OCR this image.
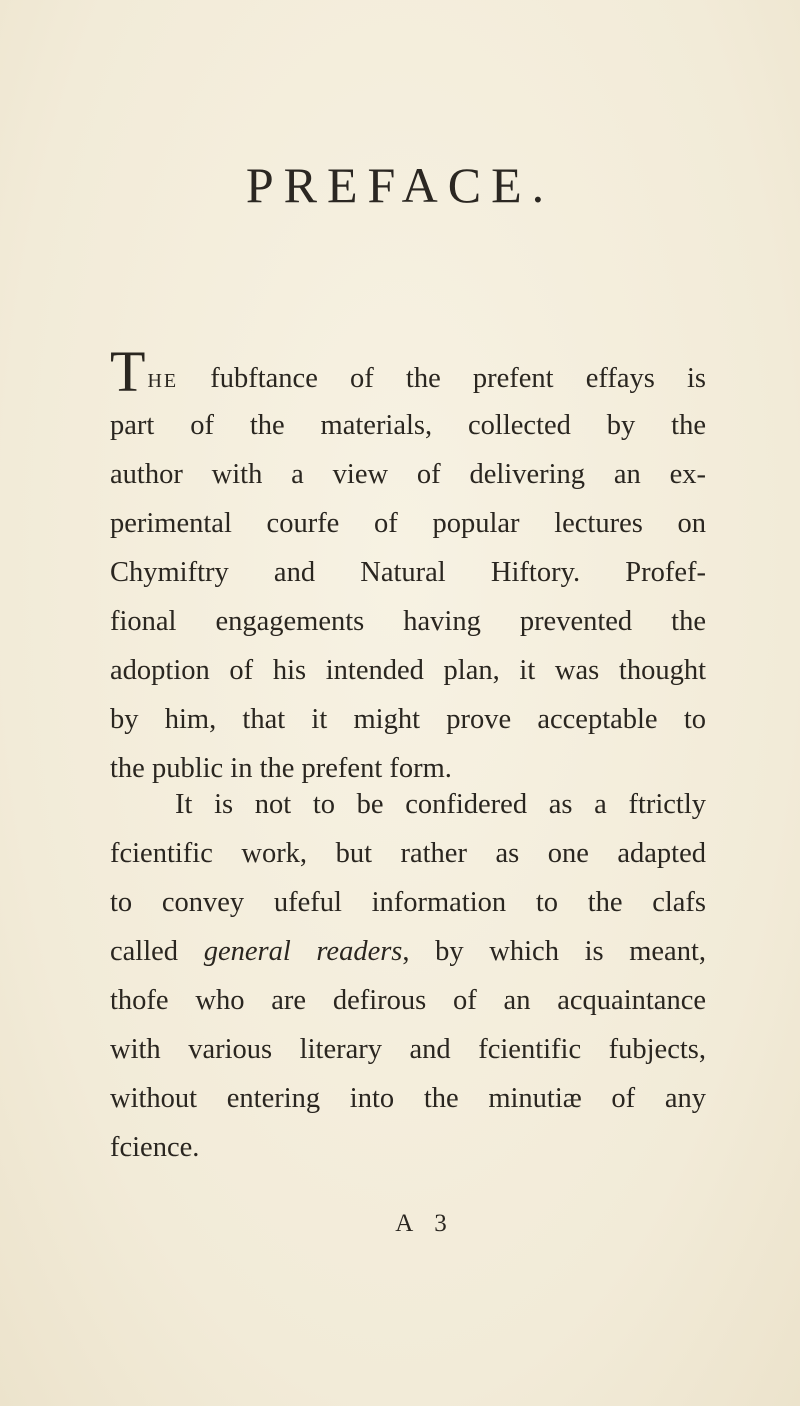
PREFACE.
The fubftance of the prefent effays is
part of the materials, collected by the
author with a view of delivering an ex-
perimental courfe of popular lectures on
Chymiftry and Natural Hiftory. Profef-
fional engagements having prevented the
adoption of his intended plan, it was thought
by him, that it might prove acceptable to
the public in the prefent form.
It is not to be confidered as a ftrictly
fcientific work, but rather as one adapted
to convey ufeful information to the clafs
called general readers, by which is meant,
thofe who are defirous of an acquaintance
with various literary and fcientific fubjects,
without entering into the minutiæ of any
fcience.
A 3
